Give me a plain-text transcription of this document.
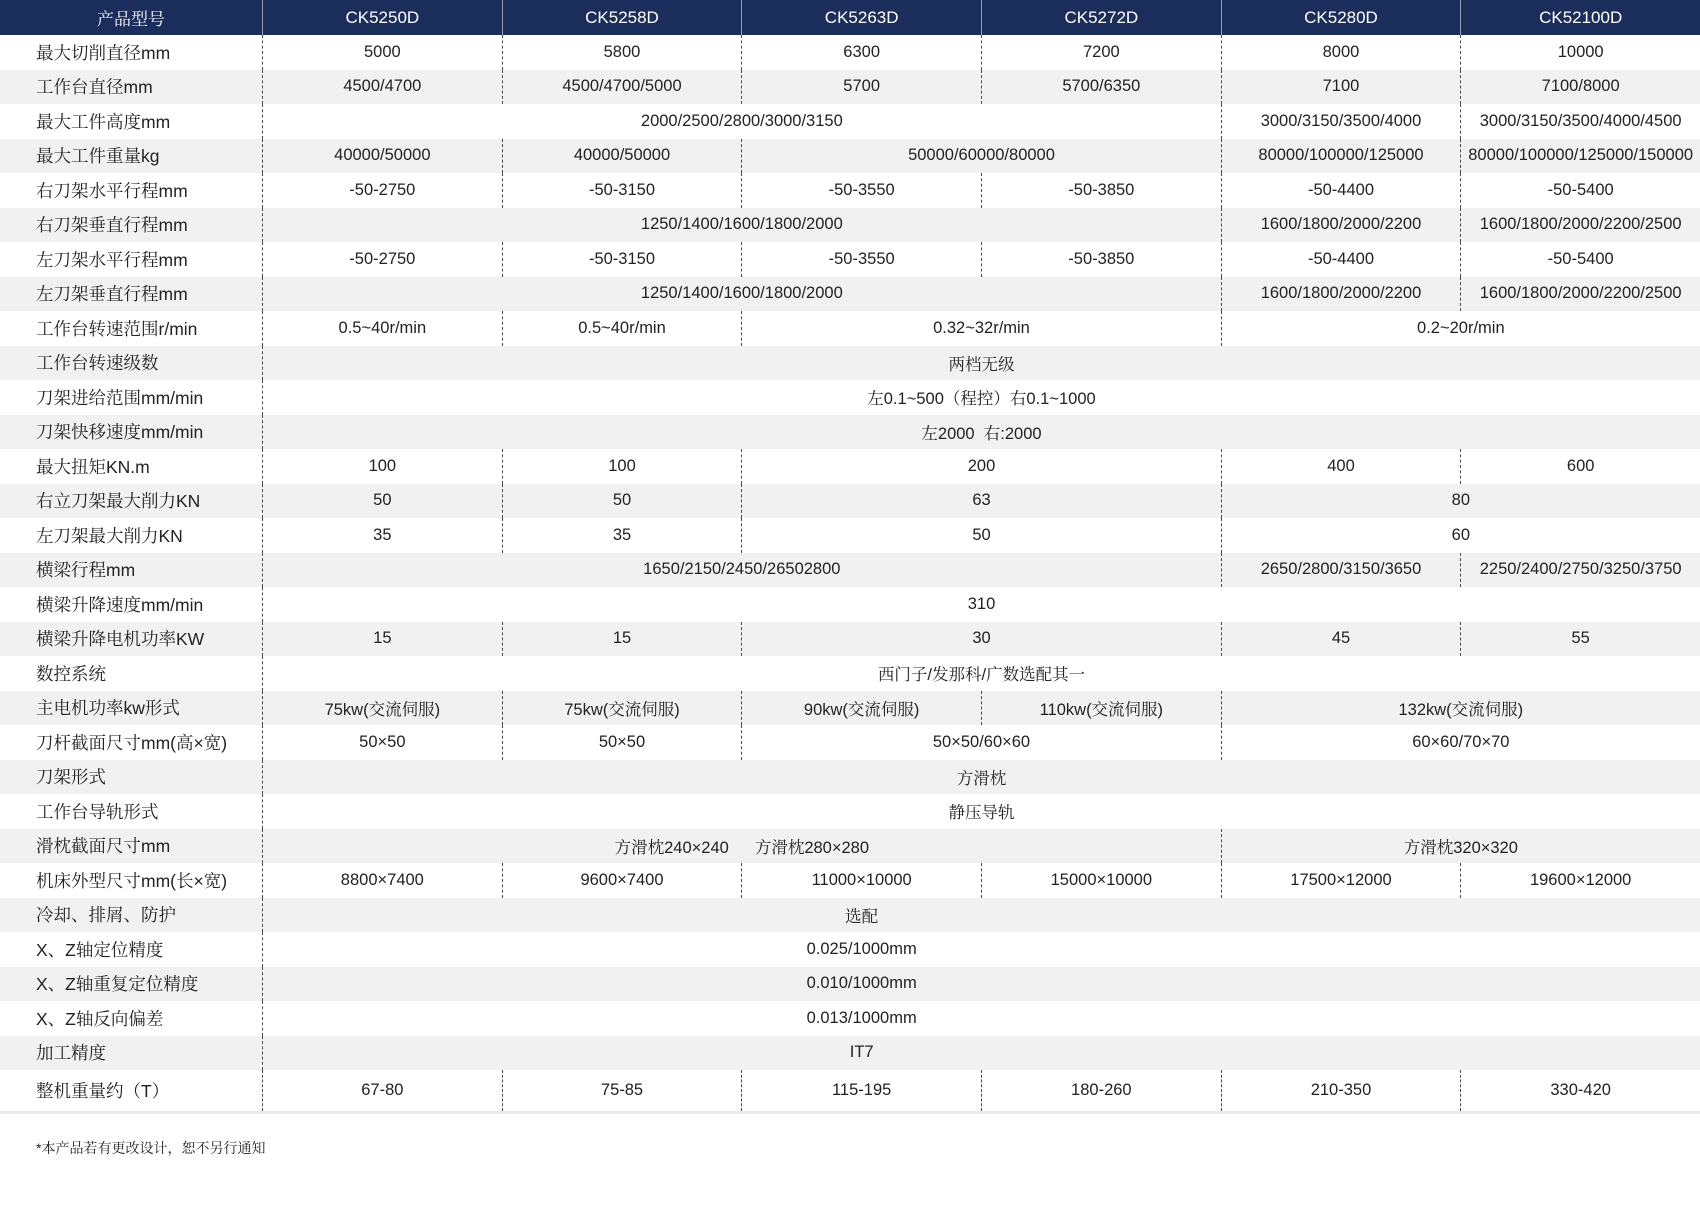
产品型号	CK5250D	CK5258D	CK5263D	CK5272D	CK5280D	CK52100D
最大切削直径mm	5000	5800	6300	7200	8000	10000
工作台直径mm	4500/4700	4500/4700/5000	5700	5700/6350	7100	7100/8000
最大工件高度mm	2000/2500/2800/3000/3150	3000/3150/3500/4000	3000/3150/3500/4000/4500
最大工件重量kg	40000/50000	40000/50000	50000/60000/80000	80000/100000/125000	80000/100000/125000/150000
右刀架水平行程mm	-50-2750	-50-3150	-50-3550	-50-3850	-50-4400	-50-5400
右刀架垂直行程mm	1250/1400/1600/1800/2000	1600/1800/2000/2200	1600/1800/2000/2200/2500
左刀架水平行程mm	-50-2750	-50-3150	-50-3550	-50-3850	-50-4400	-50-5400
左刀架垂直行程mm	1250/1400/1600/1800/2000	1600/1800/2000/2200	1600/1800/2000/2200/2500
工作台转速范围r/min	0.5~40r/min	0.5~40r/min	0.32~32r/min	0.2~20r/min
工作台转速级数	两档无级
刀架进给范围mm/min	左0.1~500（程控）右0.1~1000
刀架快移速度mm/min	左2000  右:2000
最大扭矩KN.m	100	100	200	400	600
右立刀架最大削力KN	50	50	63	80
左刀架最大削力KN	35	35	50	60
横梁行程mm	1650/2150/2450/26502800	2650/2800/3150/3650	2250/2400/2750/3250/3750
横梁升降速度mm/min	310
横梁升降电机功率KW	15	15	30	45	55
数控系统	西门子/发那科/广数选配其一
主电机功率kw形式	75kw(交流伺服)	75kw(交流伺服)	90kw(交流伺服)	110kw(交流伺服)	132kw(交流伺服)
刀杆截面尺寸mm(高×宽)	50×50	50×50	50×50/60×60	60×60/70×70
刀架形式	方滑枕
工作台导轨形式	静压导轨
滑枕截面尺寸mm	方滑枕240×240 方滑枕280×280	方滑枕320×320
机床外型尺寸mm(长×宽)	8800×7400	9600×7400	11000×10000	15000×10000	17500×12000	19600×12000
冷却、排屑、防护	选配
X、Z轴定位精度	0.025/1000mm
X、Z轴重复定位精度	0.010/1000mm
X、Z轴反向偏差	0.013/1000mm
加工精度	IT7
整机重量约（T）	67-80	75-85	115-195	180-260	210-350	330-420
*本产品若有更改设计，恕不另行通知
